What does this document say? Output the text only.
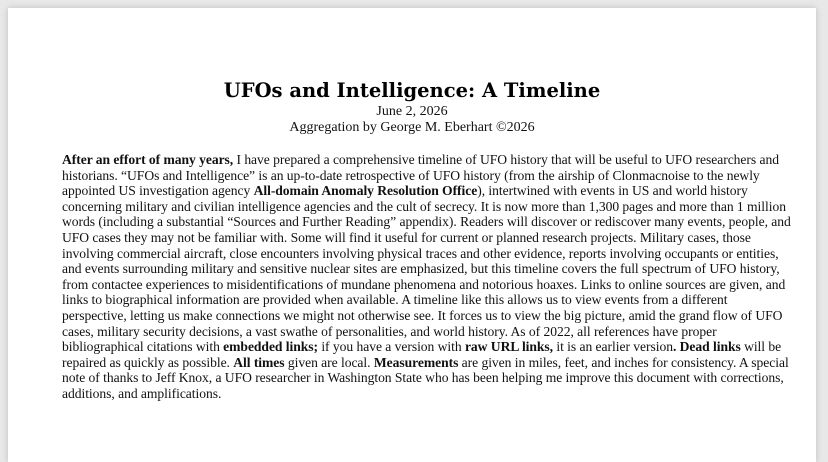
UFOs and Intelligence: A Timeline

June 2, 2026

Aggregation by George M. Eberhart ©2026

After an effort of many years, I have prepared a comprehensive timeline of UFO history that will be useful to UFO researchers and historians. “UFOs and Intelligence” is an up-to-date retrospective of UFO history (from the airship of Clonmacnoise to the newly appointed US investigation agency All-domain Anomaly Resolution Office), intertwined with events in US and world history concerning military and civilian intelligence agencies and the cult of secrecy. It is now more than 1,300 pages and more than 1 million words (including a substantial “Sources and Further Reading” appendix). Readers will discover or rediscover many events, people, and UFO cases they may not be familiar with. Some will find it useful for current or planned research projects. Military cases, those involving commercial aircraft, close encounters involving physical traces and other evidence, reports involving occupants or entities, and events surrounding military and sensitive nuclear sites are emphasized, but this timeline covers the full spectrum of UFO history, from contactee experiences to misidentifications of mundane phenomena and notorious hoaxes. Links to online sources are given, and links to biographical information are provided when available. A timeline like this allows us to view events from a different perspective, letting us make connections we might not otherwise see. It forces us to view the big picture, amid the grand flow of UFO cases, military security decisions, a vast swathe of personalities, and world history. As of 2022, all references have proper bibliographical citations with embedded links; if you have a version with raw URL links, it is an earlier version. Dead links will be repaired as quickly as possible. All times given are local. Measurements are given in miles, feet, and inches for consistency. A special note of thanks to Jeff Knox, a UFO researcher in Washington State who has been helping me improve this document with corrections, additions, and amplifications.
